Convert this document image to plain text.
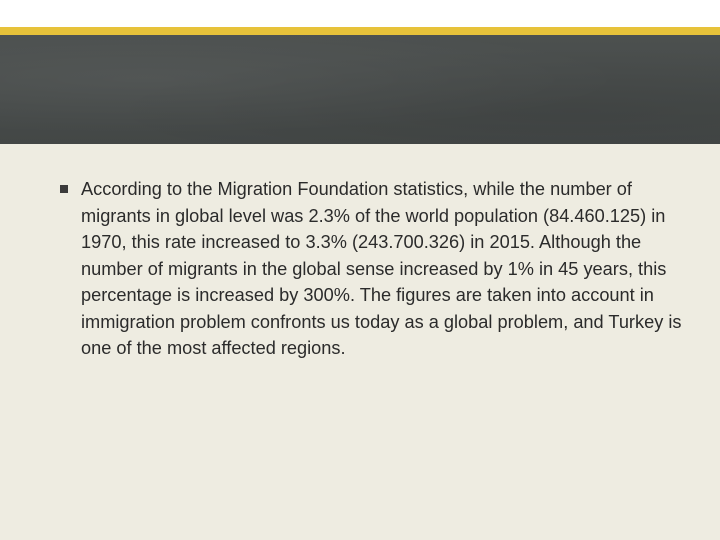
According to the Migration Foundation statistics, while the number of migrants in global level was 2.3% of the world population (84.460.125) in 1970, this rate increased to 3.3% (243.700.326) in 2015. Although the number of migrants in the global sense increased by 1% in 45 years, this percentage is increased by 300%. The figures are taken into account in immigration problem confronts us today as a global problem, and Turkey is one of the most affected regions.
